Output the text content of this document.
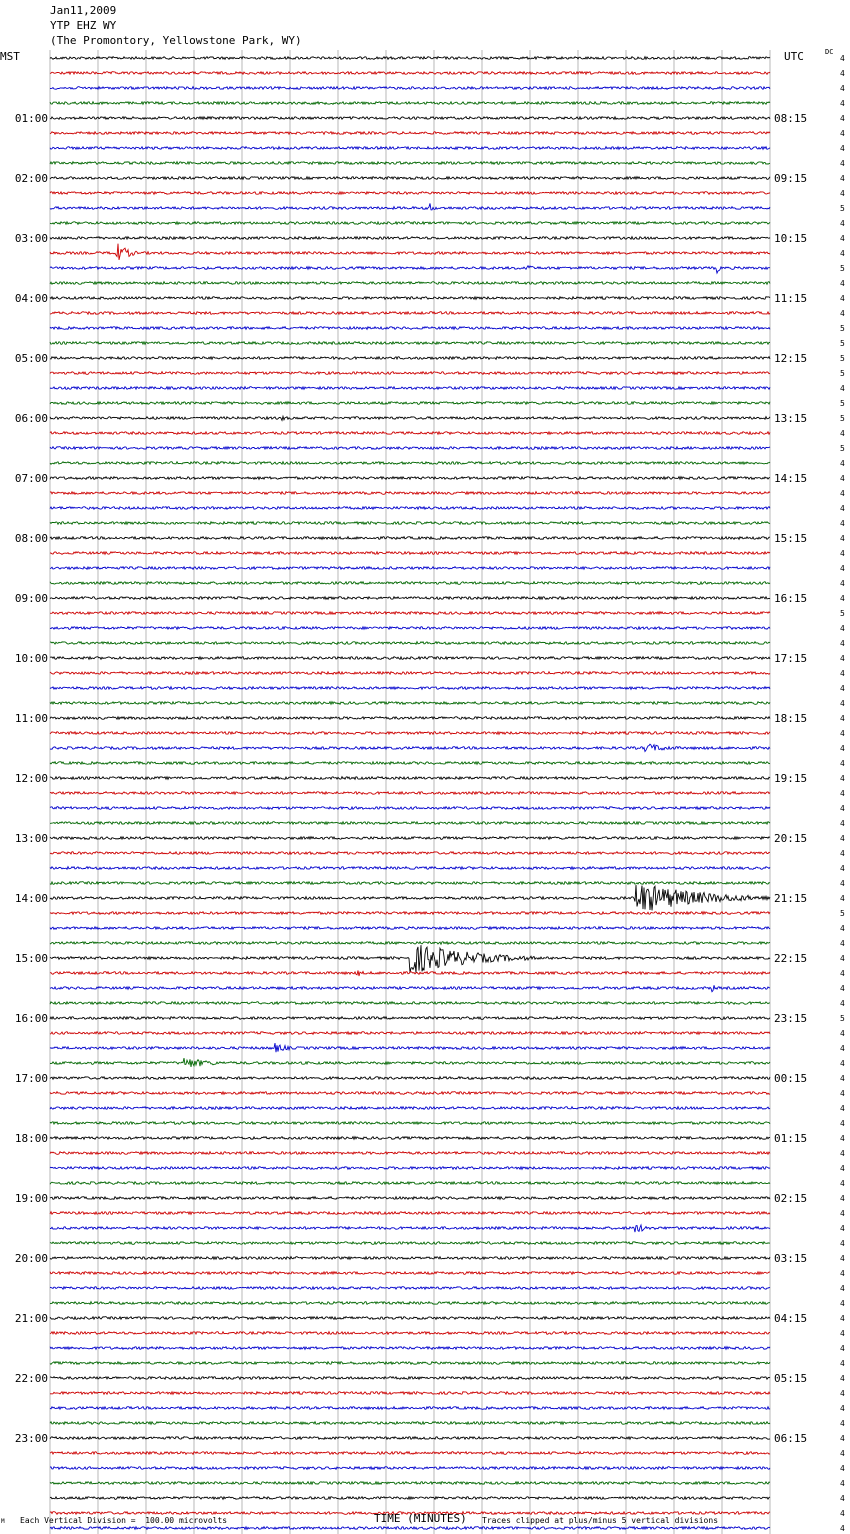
Jan11,2009
YTP EHZ WY
(The Promontory, Yellowstone Park, WY)
MST	UTC	DC
4
4
4
4
4
01:00	08:15
4
4
4
4
02:00	09:15
4
5
4
4
03:00	10:15
4
5
4
4
04:00	11:15
4
5
5
5
05:00	12:15
5
4
5
5
06:00	13:15
4
5
4
4
07:00	14:15
4
4
4
4
08:00	15:15
4
4
4
4
09:00	16:15
5
4
4
4
10:00	17:15
4
4
4
4
11:00	18:15
4
4
4
4
12:00	19:15
4
4
4
4
13:00	20:15
4
4
4
4
14:00	21:15
5
4
4
4
15:00	22:15
4
4
4
5
16:00	23:15
4
4
4
4
17:00	00:15
4
4
4
4
18:00	01:15
4
4
4
4
19:00	02:15
4
4
4
4
20:00	03:15
4
4
4
4
21:00	04:15
4
4
4
4
22:00	05:15
4
4
4
4
23:00	06:15
4
4
4
4
4
4
M Each Vertical Division =  100.00 microvolts	TIME (MINUTES) Traces clipped at plus/minus 5 vertical divisions
